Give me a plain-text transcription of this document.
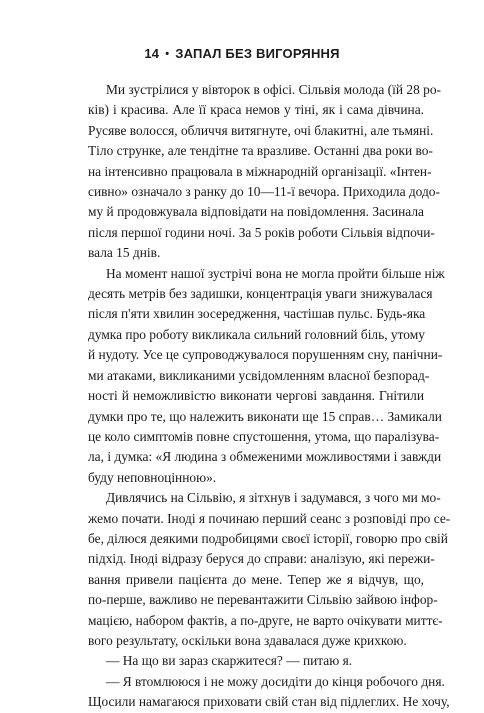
14 • ЗАПАЛ БЕЗ ВИГОРЯННЯ

Ми зустрілися у вівторок в офісі. Сільвія молода (їй 28 ро-
ків) і красива. Але її краса немов у тіні, як і сама дівчина.
Русяве волосся, обличчя витягнуте, очі блакитні, але тьмяні.
Тіло струнке, але тендітне та вразливе. Останні два роки во-
на інтенсивно працювала в міжнародній організації. «Інтен-
сивно» означало з ранку до 10—11-ї вечора. Приходила додо-
му й продовжувала відповідати на повідомлення. Засинала
після першої години ночі. За 5 років роботи Сільвія відпочи-
вала 15 днів.

На момент нашої зустрічі вона не могла пройти більше ніж
десять метрів без задишки, концентрація уваги знижувалася
після п'яти хвилин зосередження, частішав пульс. Будь-яка
думка про роботу викликала сильний головний біль, утому
й нудоту. Усе це супроводжувалося порушенням сну, панічни-
ми атаками, викликаними усвідомленням власної безпорад-
ності й неможливістю виконати чергові завдання. Гнітили
думки про те, що належить виконати ще 15 справ… Замикали
це коло симптомів повне спустошення, утома, що паралізува-
ла, і думка: «Я людина з обмеженими можливостями і завжди
буду неповноцінною».

Дивлячись на Сільвію, я зітхнув і задумався, з чого ми мо-
жемо почати. Іноді я починаю перший сеанс з розповіді про се-
бе, ділюся деякими подробицями своєї історії, говорю про свій
підхід. Іноді відразу беруся до справи: аналізую, які пережи-
вання привели пацієнта до мене. Тепер же я відчув, що,
по-перше, важливо не перевантажити Сільвію зайвою інфор-
мацією, набором фактів, а по-друге, не варто очікувати миттє-
вого результату, оскільки вона здавалася дуже крихкою.

— На що ви зараз скаржитеся? — питаю я.

— Я втомлююся і не можу досидіти до кінця робочого дня.
Щосили намагаюся приховати свій стан від підлеглих. Не хочу,
